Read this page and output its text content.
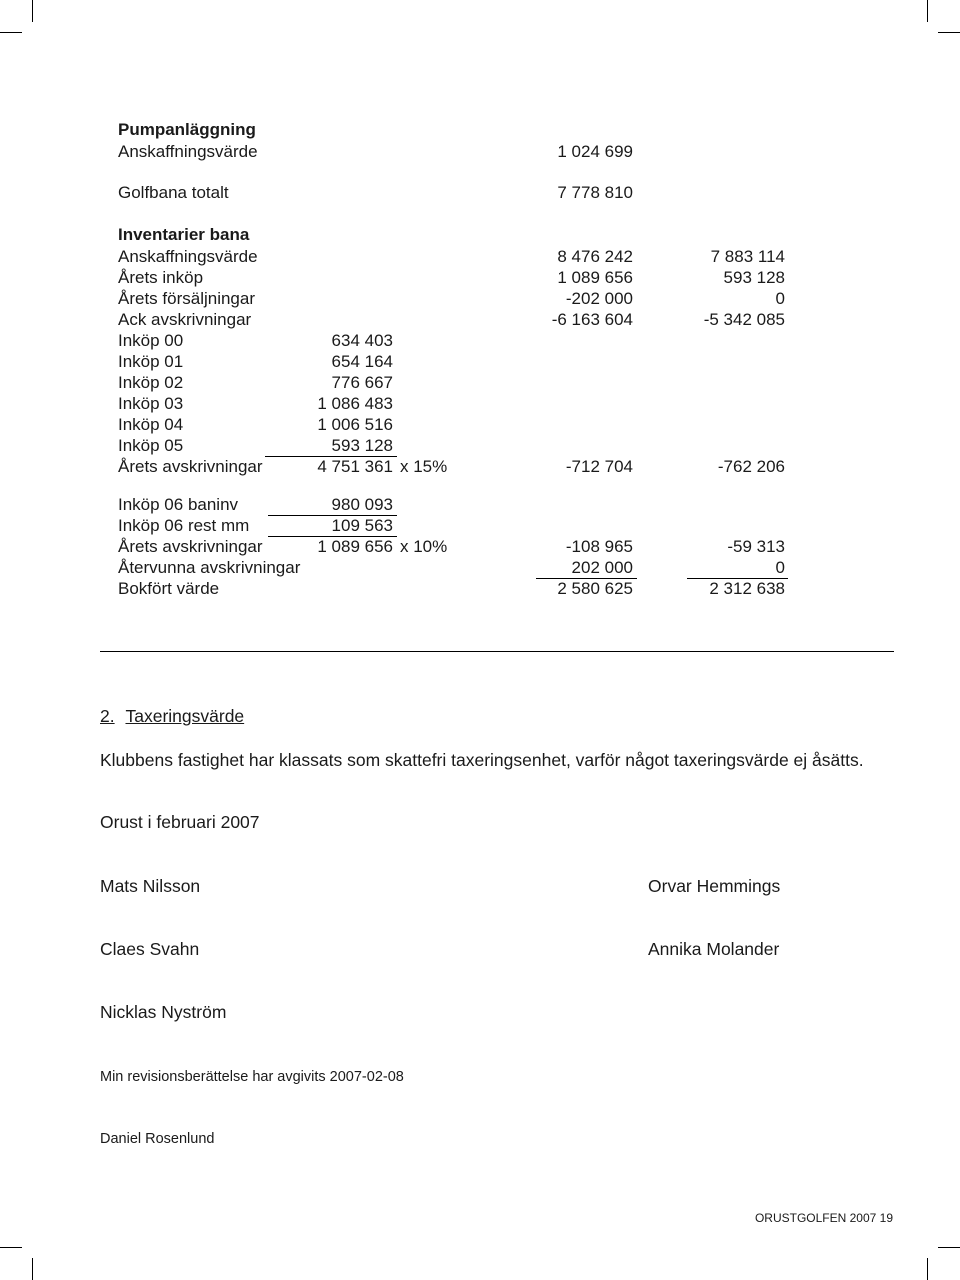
Pumpanläggning
Anskaffningsvärde	1 024 699
Golfbana totalt	7 778 810
Inventarier bana
Anskaffningsvärde	8 476 242	7 883 114
Årets inköp	1 089 656	593 128
Årets försäljningar	-202 000	0
Ack avskrivningar	-6 163 604	-5 342 085
Inköp 00	634 403
Inköp 01	654 164
Inköp 02	776 667
Inköp 03	1 086 483
Inköp 04	1 006 516
Inköp 05	593 128
Årets avskrivningar	4 751 361 x 15%	-712 704	-762 206
Inköp 06 baninv	980 093
Inköp 06 rest mm	109 563
Årets avskrivningar	1 089 656 x 10%	-108 965	-59 313
Återvunna avskrivningar	202 000	0
Bokfört värde	2 580 625	2 312 638
2. Taxeringsvärde
Klubbens fastighet har klassats som skattefri taxeringsenhet, varför något taxeringsvärde ej åsätts.
Orust i februari 2007
Mats Nilsson	Orvar Hemmings
Claes Svahn	Annika Molander
Nicklas Nyström
Min revisionsberättelse har avgivits 2007-02-08
Daniel Rosenlund
ORUSTGOLFEN 2007 19
